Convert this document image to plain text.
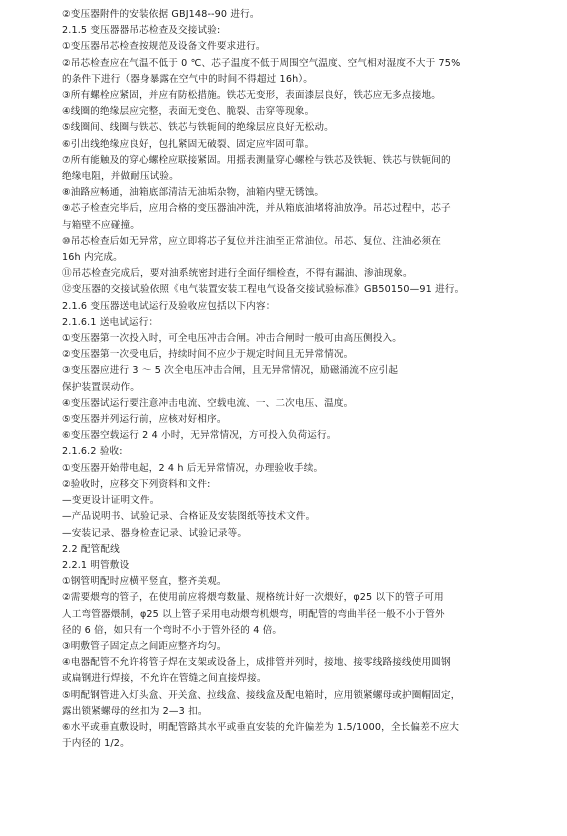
②变压器附件的安装依据 GBJ148--90 进行。

2.1.5 变压器器吊芯检查及交接试验:

①变压器吊芯检查按规范及设备文件要求进行。

②吊芯检查应在气温不低于 0 ℃、芯子温度不低于周围空气温度、空气相对湿度不大于 75%

的条件下进行（器身暴露在空气中的时间不得超过 16h）。

③所有螺栓应紧固，并应有防松措施。铁芯无变形，表面漆层良好，铁芯应无多点接地。

④线圈的绝缘层应完整，表面无变色、脆裂、击穿等现象。

⑤线圈间、线圈与铁芯、铁芯与铁轭间的绝缘层应良好无松动。

⑥引出线绝缘应良好，包扎紧固无破裂、固定应牢固可靠。

⑦所有能触及的穿心螺栓应联接紧固。用摇表测量穿心螺栓与铁芯及铁轭、铁芯与铁轭间的

绝缘电阻，并做耐压试验。

⑧油路应畅通，油箱底部清洁无油垢杂物，油箱内壁无锈蚀。

⑨芯子检查完毕后，应用合格的变压器油冲洗，并从箱底油堵将油放净。吊芯过程中，芯子

与箱壁不应碰撞。

⑩吊芯检查后如无异常，应立即将芯子复位并注油至正常油位。吊芯、复位、注油必须在

16h 内完成。

⑪吊芯检查完成后，要对油系统密封进行全面仔细检查，不得有漏油、渗油现象。

⑫变压器的交接试验依照《电气装置安装工程电气设备交接试验标准》GB50150—91 进行。

2.1.6 变压器送电试运行及验收应包括以下内容：

2.1.6.1 送电试运行：

①变压器第一次投入时，可全电压冲击合闸。冲击合闸时一般可由高压侧投入。

②变压器第一次受电后，持续时间不应少于规定时间且无异常情况。

③变压器应进行 3 ～ 5 次全电压冲击合闸，且无异常情况，励磁涌流不应引起

保护装置误动作。

④变压器试运行要注意冲击电流、空载电流、一、二次电压、温度。

⑤变压器并列运行前，应核对好相序。

⑥变压器空载运行 2 4 小时，无异常情况，方可投入负荷运行。

2.1.6.2 验收:

①变压器开始带电起，2 4 h 后无异常情况，办理验收手续。

②验收时，应移交下列资料和文件:

—变更设计证明文件。

—产品说明书、试验记录、合格证及安装图纸等技术文件。

—安装记录、器身检查记录、试验记录等。

2.2 配管配线

2.2.1 明管敷设

①钢管明配时应横平竖直，整齐美观。

②需要煨弯的管子，在使用前应将煨弯数量、规格统计好一次煨好，φ25 以下的管子可用

人工弯管器煨制，φ25 以上管子采用电动煨弯机煨弯，明配管的弯曲半径一般不小于管外

径的 6 倍，如只有一个弯时不小于管外径的 4 倍。

③明敷管子固定点之间距应整齐均匀。

④电器配管不允许将管子焊在支架或设备上，成排管并列时，接地、接零线路接线使用圆钢

或扁钢进行焊接，不允许在管缝之间直接焊接。

⑤明配钢管进入灯头盒、开关盒、拉线盒、接线盒及配电箱时，应用锁紧螺母或护圈帽固定，

露出锁紧螺母的丝扣为 2—3 扣。

⑥水平或垂直敷设时，明配管路其水平或垂直安装的允许偏差为 1.5/1000，全长偏差不应大

于内径的 1/2。
